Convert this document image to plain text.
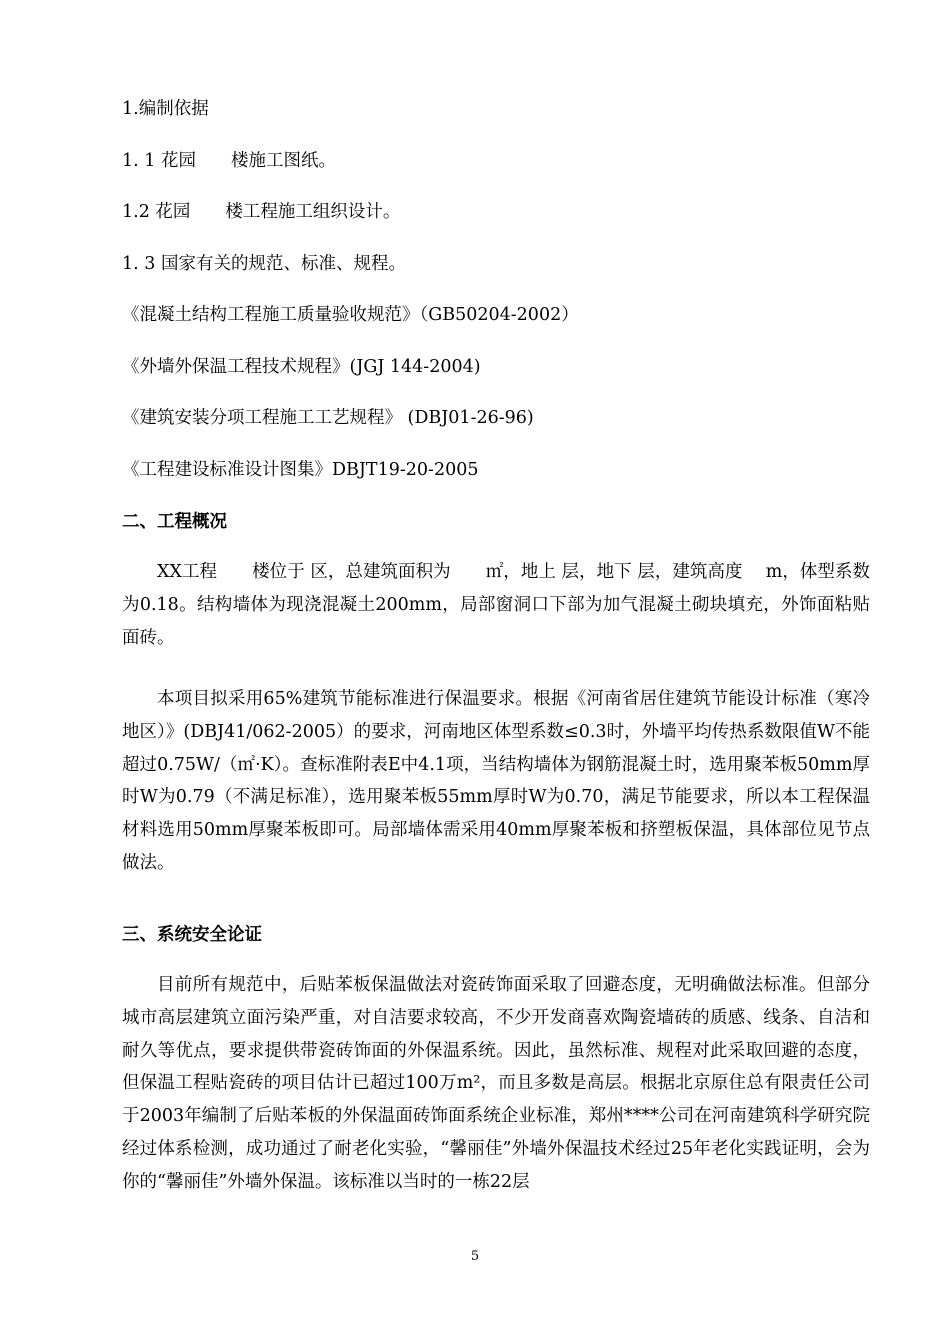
1.编制依据
1. 1 花园　　楼施工图纸。
1.2 花园　　楼工程施工组织设计。
1. 3 国家有关的规范、标准、规程。
《混凝土结构工程施工质量验收规范》（GB50204-2002）
《外墙外保温工程技术规程》(JGJ 144-2004)
《建筑安装分项工程施工工艺规程》 (DBJ01-26-96)
《工程建设标准设计图集》DBJT19-20-2005
二、工程概况
XX工程　　楼位于 区，总建筑面积为　　㎡，地上 层，地下 层，建筑高度　 m，体型系数为0.18。结构墙体为现浇混凝土200mm，局部窗洞口下部为加气混凝土砌块填充，外饰面粘贴面砖。
本项目拟采用65%建筑节能标准进行保温要求。根据《河南省居住建筑节能设计标准（寒冷地区）》(DBJ41/062-2005）的要求，河南地区体型系数≤0.3时，外墙平均传热系数限值W不能超过0.75W/（㎡·K）。查标准附表E中4.1项，当结构墙体为钢筋混凝土时，选用聚苯板50mm厚时W为0.79（不满足标准），选用聚苯板55mm厚时W为0.70，满足节能要求，所以本工程保温材料选用50mm厚聚苯板即可。局部墙体需采用40mm厚聚苯板和挤塑板保温，具体部位见节点做法。
三、系统安全论证
目前所有规范中，后贴苯板保温做法对瓷砖饰面采取了回避态度，无明确做法标准。但部分城市高层建筑立面污染严重，对自洁要求较高，不少开发商喜欢陶瓷墙砖的质感、线条、自洁和耐久等优点，要求提供带瓷砖饰面的外保温系统。因此，虽然标准、规程对此采取回避的态度，但保温工程贴瓷砖的项目估计已超过100万m²，而且多数是高层。根据北京原住总有限责任公司于2003年编制了后贴苯板的外保温面砖饰面系统企业标准，郑州****公司在河南建筑科学研究院经过体系检测，成功通过了耐老化实验，“馨丽佳”外墙外保温技术经过25年老化实践证明，会为你的“馨丽佳”外墙外保温。该标准以当时的一栋22层
5
